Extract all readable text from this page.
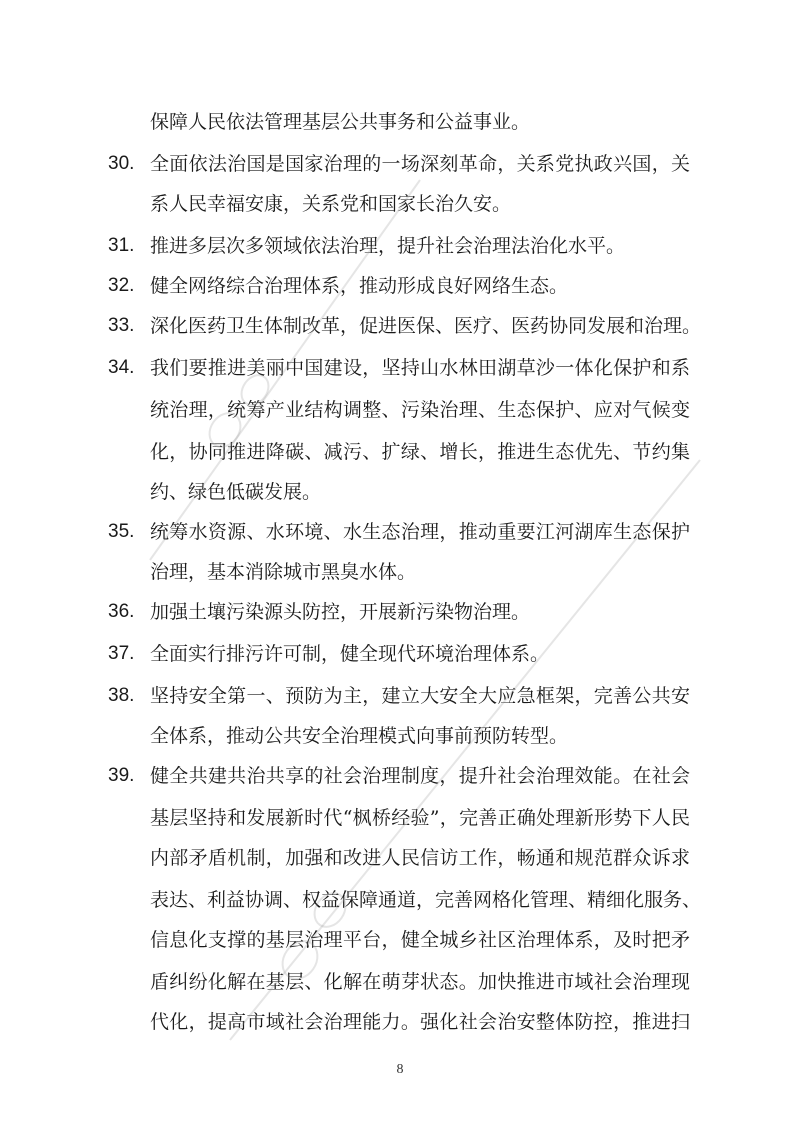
保障人民依法管理基层公共事务和公益事业。
30. 全面依法治国是国家治理的一场深刻革命，关系党执政兴国，关
系人民幸福安康，关系党和国家长治久安。
31. 推进多层次多领域依法治理，提升社会治理法治化水平。
32. 健全网络综合治理体系，推动形成良好网络生态。
33. 深化医药卫生体制改革，促进医保、医疗、医药协同发展和治理。
34. 我们要推进美丽中国建设，坚持山水林田湖草沙一体化保护和系
统治理，统筹产业结构调整、污染治理、生态保护、应对气候变
化，协同推进降碳、减污、扩绿、增长，推进生态优先、节约集
约、绿色低碳发展。
35. 统筹水资源、水环境、水生态治理，推动重要江河湖库生态保护
治理，基本消除城市黑臭水体。
36. 加强土壤污染源头防控，开展新污染物治理。
37. 全面实行排污许可制，健全现代环境治理体系。
38. 坚持安全第一、预防为主，建立大安全大应急框架，完善公共安
全体系，推动公共安全治理模式向事前预防转型。
39. 健全共建共治共享的社会治理制度，提升社会治理效能。在社会
基层坚持和发展新时代“枫桥经验”，完善正确处理新形势下人民
内部矛盾机制，加强和改进人民信访工作，畅通和规范群众诉求
表达、利益协调、权益保障通道，完善网格化管理、精细化服务、
信息化支撑的基层治理平台，健全城乡社区治理体系，及时把矛
盾纠纷化解在基层、化解在萌芽状态。加快推进市域社会治理现
代化，提高市域社会治理能力。强化社会治安整体防控，推进扫
8
